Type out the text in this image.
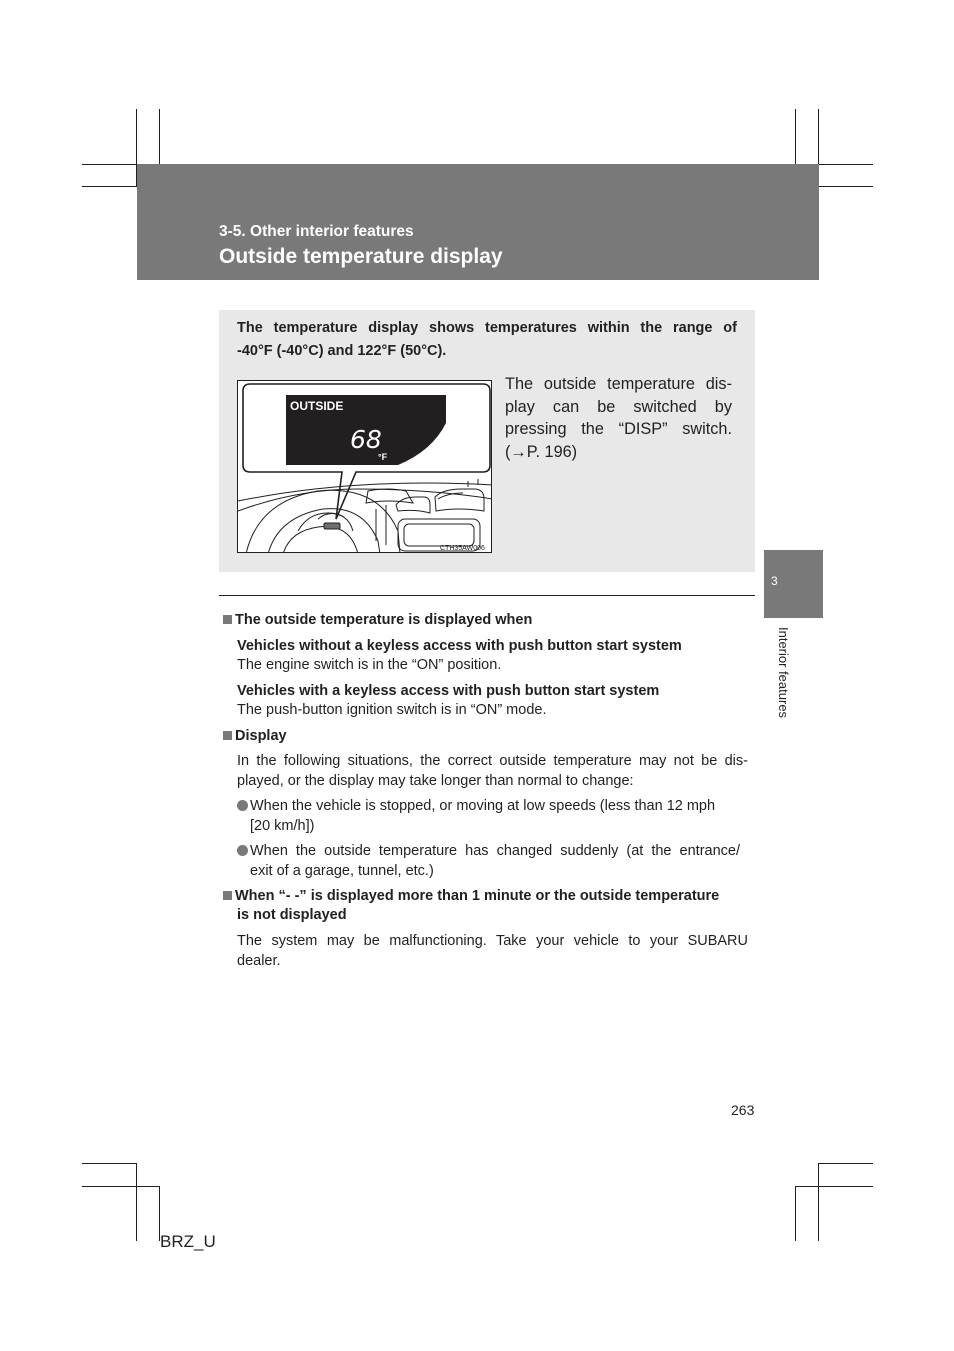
3-5. Other interior features
Outside temperature display
The temperature display shows temperatures within the range of
-40°F (-40°C) and 122°F (50°C).
OUTSIDE
68
°F
CTH35AW006
The outside temperature dis-
play can be switched by
pressing the “DISP” switch.
(→P. 196)
The outside temperature is displayed when
Vehicles without a keyless access with push button start system
The engine switch is in the “ON” position.
Vehicles with a keyless access with push button start system
The push-button ignition switch is in “ON” mode.
Display
In the following situations, the correct outside temperature may not be dis-
played, or the display may take longer than normal to change:
When the vehicle is stopped, or moving at low speeds (less than 12 mph
[20 km/h])
When the outside temperature has changed suddenly (at the entrance/
exit of a garage, tunnel, etc.)
When “- -” is displayed more than 1 minute or the outside temperature
is not displayed
The system may be malfunctioning. Take your vehicle to your SUBARU
dealer.
3
Interior features
263
BRZ_U
